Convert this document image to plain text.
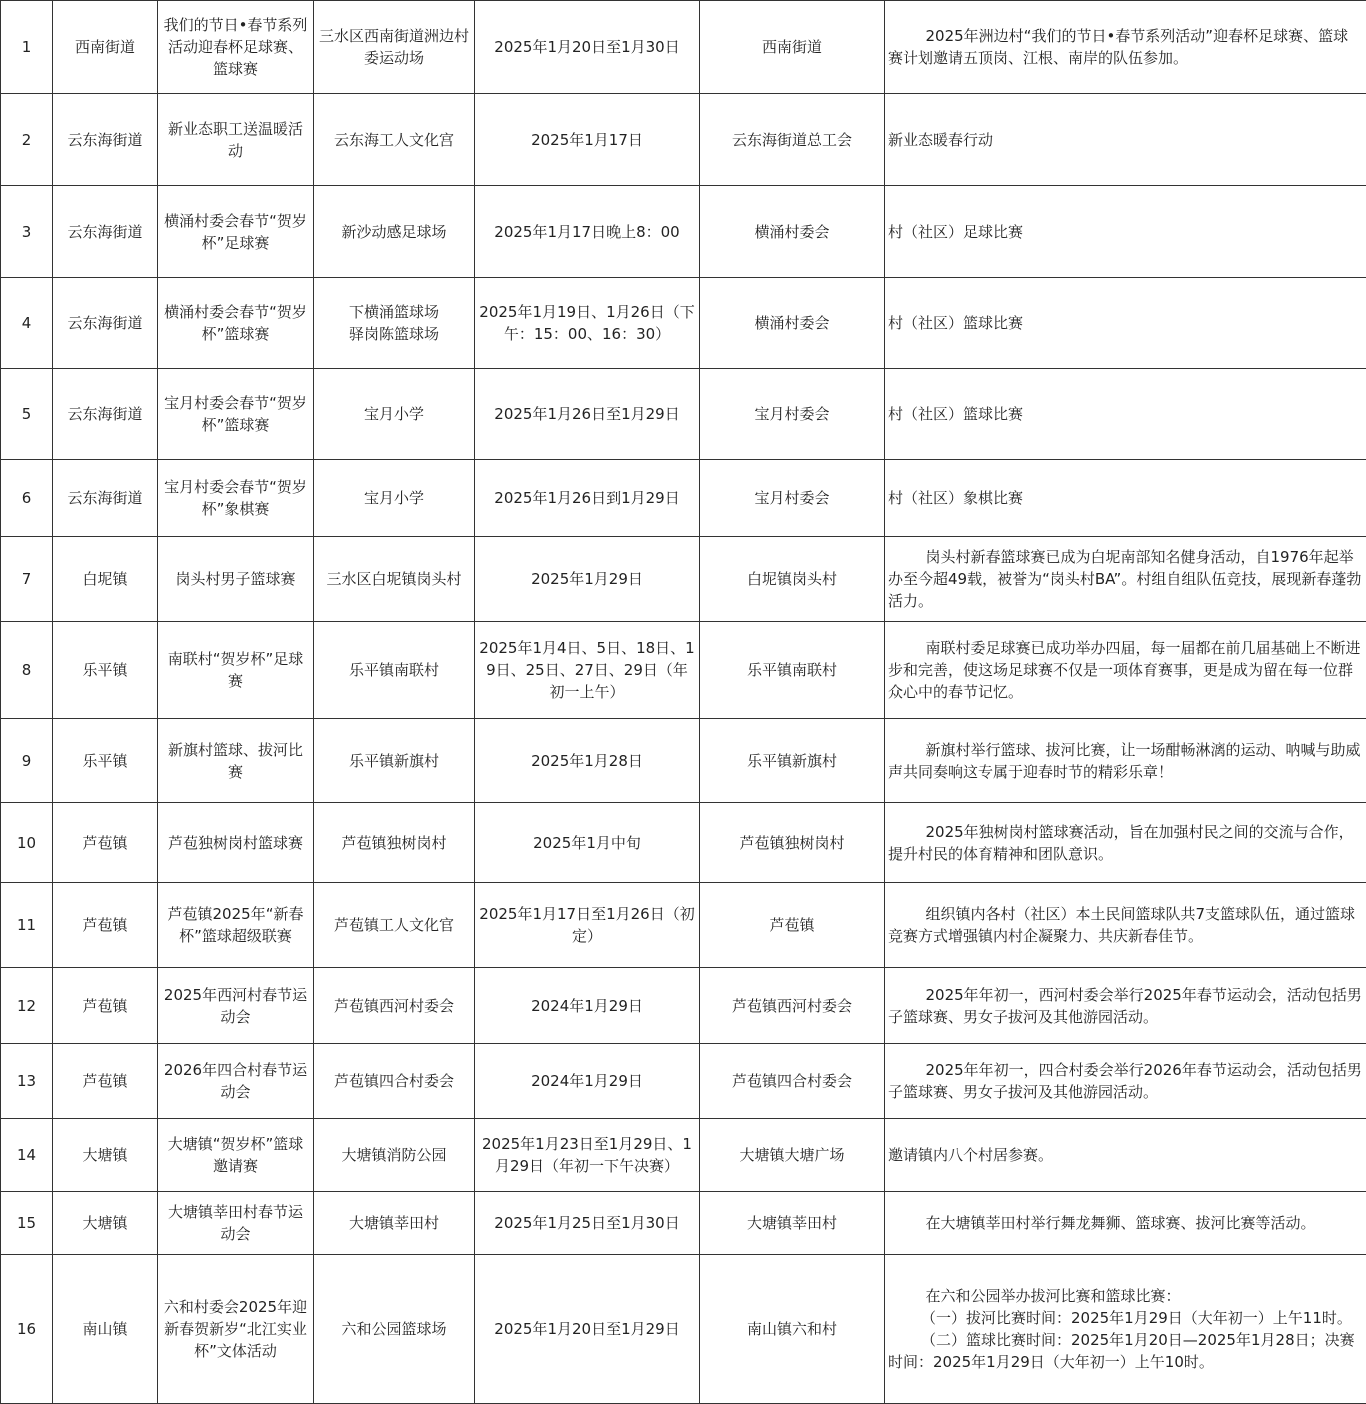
1	西南街道	我们的节日•春节系列活动迎春杯足球赛、篮球赛	三水区西南街道洲边村委运动场	2025年1月20日至1月30日	西南街道	2025年洲边村“我们的节日•春节系列活动”迎春杯足球赛、篮球赛计划邀请五顶岗、江根、南岸的队伍参加。

2	云东海街道	新业态职工送温暖活动	云东海工人文化宫	2025年1月17日	云东海街道总工会	新业态暖春行动

3	云东海街道	横涌村委会春节“贺岁杯”足球赛	新沙动感足球场	2025年1月17日晚上8：00	横涌村委会	村（社区）足球比赛

4	云东海街道	横涌村委会春节“贺岁杯”篮球赛	下横涌篮球场
驿岗陈篮球场	2025年1月19日、1月26日（下午：15：00、16：30）	横涌村委会	村（社区）篮球比赛

5	云东海街道	宝月村委会春节“贺岁杯”篮球赛	宝月小学	2025年1月26日至1月29日	宝月村委会	村（社区）篮球比赛

6	云东海街道	宝月村委会春节“贺岁杯”象棋赛	宝月小学	2025年1月26日到1月29日	宝月村委会	村（社区）象棋比赛

7	白坭镇	岗头村男子篮球赛	三水区白坭镇岗头村	2025年1月29日	白坭镇岗头村	岗头村新春篮球赛已成为白坭南部知名健身活动，自1976年起举办至今超49载，被誉为“岗头村BA”。村组自组队伍竞技，展现新春蓬勃活力。

8	乐平镇	南联村“贺岁杯”足球赛	乐平镇南联村	2025年1月4日、5日、18日、19日、25日、27日、29日（年初一上午）	乐平镇南联村	南联村委足球赛已成功举办四届，每一届都在前几届基础上不断进步和完善，使这场足球赛不仅是一项体育赛事，更是成为留在每一位群众心中的春节记忆。

9	乐平镇	新旗村篮球、拔河比赛	乐平镇新旗村	2025年1月28日	乐平镇新旗村	新旗村举行篮球、拔河比赛，让一场酣畅淋漓的运动、呐喊与助威声共同奏响这专属于迎春时节的精彩乐章！

10	芦苞镇	芦苞独树岗村篮球赛	芦苞镇独树岗村	2025年1月中旬	芦苞镇独树岗村	2025年独树岗村篮球赛活动，旨在加强村民之间的交流与合作，提升村民的体育精神和团队意识。

11	芦苞镇	芦苞镇2025年“新春杯”篮球超级联赛	芦苞镇工人文化官	2025年1月17日至1月26日（初定）	芦苞镇	组织镇内各村（社区）本土民间篮球队共7支篮球队伍，通过篮球竞赛方式增强镇内村企凝聚力、共庆新春佳节。

12	芦苞镇	2025年西河村春节运动会	芦苞镇西河村委会	2024年1月29日	芦苞镇西河村委会	2025年年初一，西河村委会举行2025年春节运动会，活动包括男子篮球赛、男女子拔河及其他游园活动。

13	芦苞镇	2026年四合村春节运动会	芦苞镇四合村委会	2024年1月29日	芦苞镇四合村委会	2025年年初一，四合村委会举行2026年春节运动会，活动包括男子篮球赛、男女子拔河及其他游园活动。

14	大塘镇	大塘镇“贺岁杯”篮球邀请赛	大塘镇消防公园	2025年1月23日至1月29日、1月29日（年初一下午决赛）	大塘镇大塘广场	邀请镇内八个村居参赛。

15	大塘镇	大塘镇莘田村春节运动会	大塘镇莘田村	2025年1月25日至1月30日	大塘镇莘田村	在大塘镇莘田村举行舞龙舞狮、篮球赛、拔河比赛等活动。

16	南山镇	六和村委会2025年迎新春贺新岁“北江实业杯”文体活动	六和公园篮球场	2025年1月20日至1月29日	南山镇六和村	在六和公园举办拔河比赛和篮球比赛：
（一）拔河比赛时间：2025年1月29日（大年初一）上午11时。
（二）篮球比赛时间：2025年1月20日—2025年1月28日；决赛时间：2025年1月29日（大年初一）上午10时。
